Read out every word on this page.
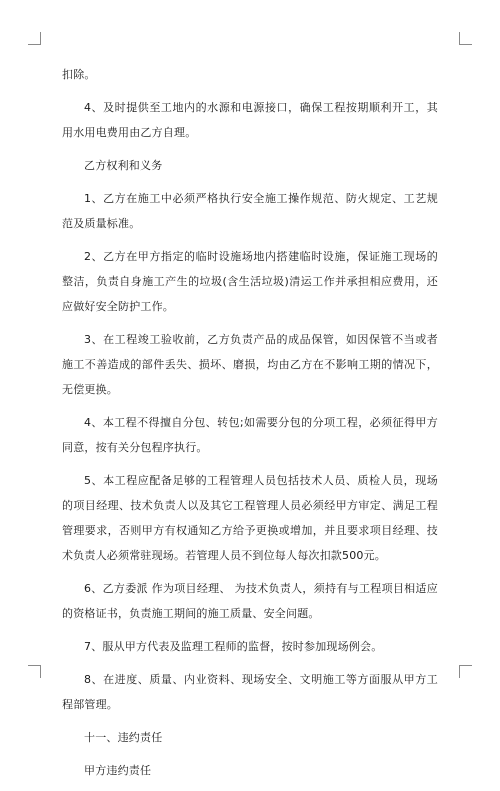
扣除。

4、及时提供至工地内的水源和电源接口，确保工程按期顺利开工，其用水用电费用由乙方自理。

乙方权利和义务

1、乙方在施工中必须严格执行安全施工操作规范、防火规定、工艺规范及质量标准。

2、乙方在甲方指定的临时设施场地内搭建临时设施，保证施工现场的整洁，负责自身施工产生的垃圾(含生活垃圾)清运工作并承担相应费用，还应做好安全防护工作。

3、在工程竣工验收前，乙方负责产品的成品保管，如因保管不当或者施工不善造成的部件丢失、损坏、磨损，均由乙方在不影响工期的情况下，无偿更换。

4、本工程不得擅自分包、转包;如需要分包的分项工程，必须征得甲方同意，按有关分包程序执行。

5、本工程应配备足够的工程管理人员包括技术人员、质检人员，现场的项目经理、技术负责人以及其它工程管理人员必须经甲方审定、满足工程管理要求，否则甲方有权通知乙方给予更换或增加，并且要求项目经理、技术负责人必须常驻现场。若管理人员不到位每人每次扣款500元。

6、乙方委派 作为项目经理、 为技术负责人，须持有与工程项目相适应的资格证书，负责施工期间的施工质量、安全问题。

7、服从甲方代表及监理工程师的监督，按时参加现场例会。

8、在进度、质量、内业资料、现场安全、文明施工等方面服从甲方工程部管理。

十一、违约责任

甲方违约责任
